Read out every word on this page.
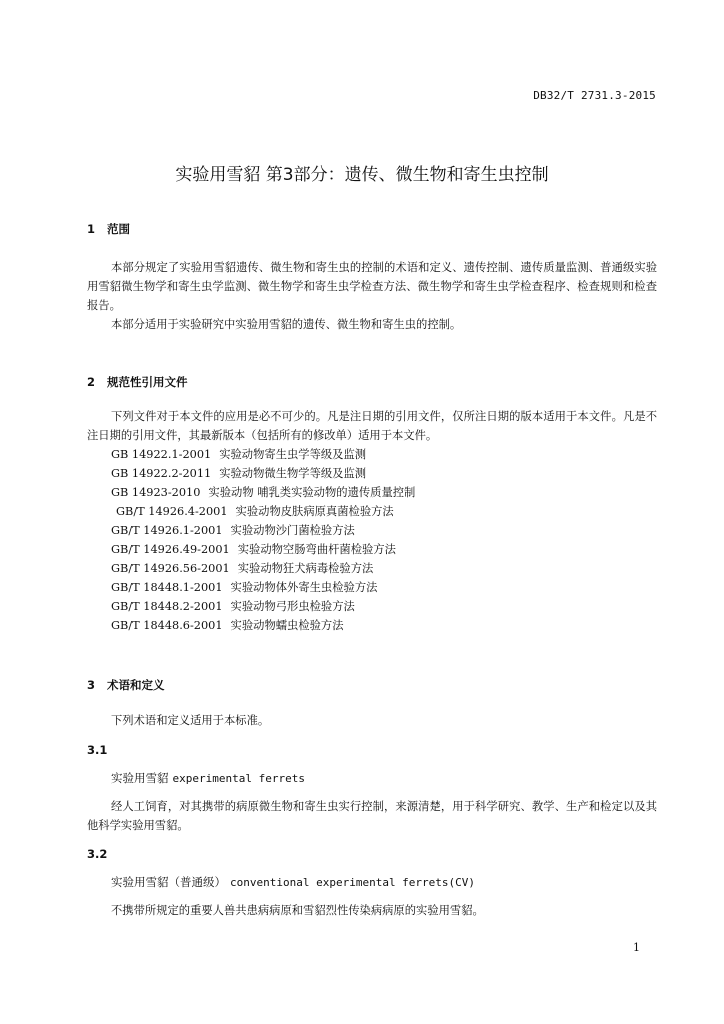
DB32/T 2731.3-2015
实验用雪貂 第3部分：遗传、微生物和寄生虫控制
1 范围

本部分规定了实验用雪貂遗传、微生物和寄生虫的控制的术语和定义、遗传控制、遗传质量监测、普通级实验用雪貂微生物学和寄生虫学监测、微生物学和寄生虫学检查方法、微生物学和寄生虫学检查程序、检查规则和检查报告。

本部分适用于实验研究中实验用雪貂的遗传、微生物和寄生虫的控制。

2 规范性引用文件

下列文件对于本文件的应用是必不可少的。凡是注日期的引用文件，仅所注日期的版本适用于本文件。凡是不注日期的引用文件，其最新版本（包括所有的修改单）适用于本文件。

GB 14922.1-2001 实验动物寄生虫学等级及监测
GB 14922.2-2011 实验动物微生物学等级及监测
GB 14923-2010 实验动物 哺乳类实验动物的遗传质量控制
GB/T 14926.4-2001 实验动物皮肤病原真菌检验方法
GB/T 14926.1-2001 实验动物沙门菌检验方法
GB/T 14926.49-2001 实验动物空肠弯曲杆菌检验方法
GB/T 14926.56-2001 实验动物狂犬病毒检验方法
GB/T 18448.1-2001 实验动物体外寄生虫检验方法
GB/T 18448.2-2001 实验动物弓形虫检验方法
GB/T 18448.6-2001 实验动物蠕虫检验方法
3 术语和定义

下列术语和定义适用于本标准。

3.1
实验用雪貂 experimental ferrets

经人工饲育，对其携带的病原微生物和寄生虫实行控制，来源清楚，用于科学研究、教学、生产和检定以及其他科学实验用雪貂。

3.2
实验用雪貂（普通级） conventional experimental ferrets(CV)

不携带所规定的重要人兽共患病病原和雪貂烈性传染病病原的实验用雪貂。

1
